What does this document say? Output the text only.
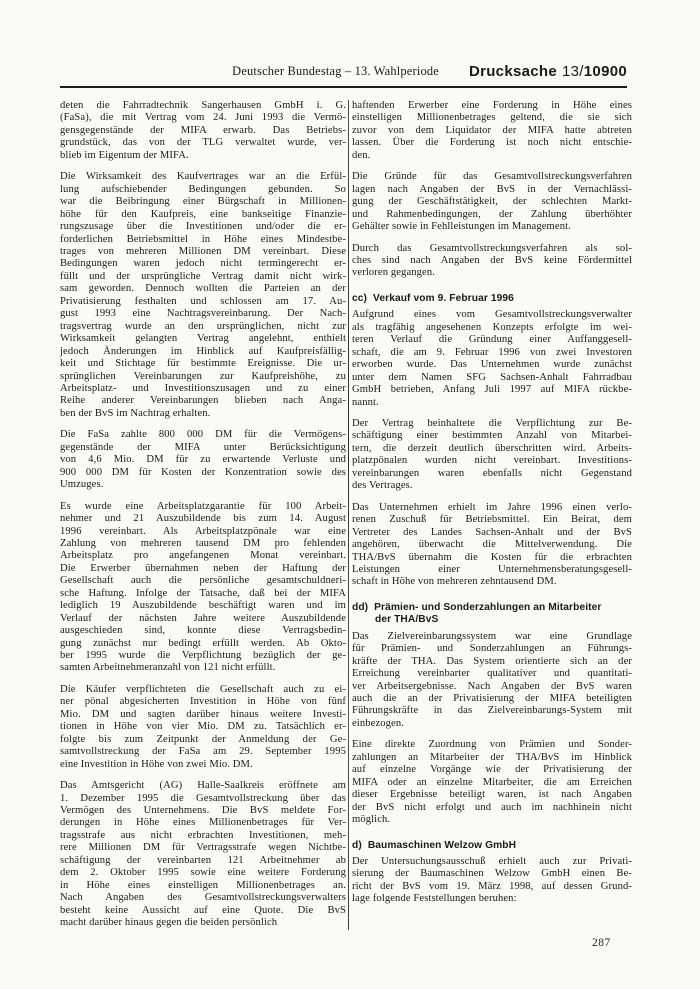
Deutscher Bundestag – 13. Wahlperiode Drucksache 13/10900
deten die Fahrradtechnik Sangerhausen GmbH i. G.
(FaSa), die mit Vertrag vom 24. Juni 1993 die Vermö-
gensgegenstände der MIFA erwarb. Das Betriebs-
grundstück, das von der TLG verwaltet wurde, ver-
blieb im Eigentum der MIFA.
Die Wirksamkeit des Kaufvertrages war an die Erfül-
lung aufschiebender Bedingungen gebunden. So
war die Beibringung einer Bürgschaft in Millionen-
höhe für den Kaufpreis, eine bankseitige Finanzie-
rungszusage über die Investitionen und/oder die er-
forderlichen Betriebsmittel in Höhe eines Mindestbe-
trages von mehreren Millionen DM vereinbart. Diese
Bedingungen waren jedoch nicht termingerecht er-
füllt und der ursprüngliche Vertrag damit nicht wirk-
sam geworden. Dennoch wollten die Parteien an der
Privatisierung festhalten und schlossen am 17. Au-
gust 1993 eine Nachtragsvereinbarung. Der Nach-
tragsvertrag wurde an den ursprünglichen, nicht zur
Wirksamkeit gelangten Vertrag angelehnt, enthielt
jedoch Änderungen im Hinblick auf Kaufpreisfällig-
keit und Stichtage für bestimmte Ereignisse. Die ur-
sprünglichen Vereinbarungen zur Kaufpreishöhe, zu
Arbeitsplatz- und Investitionszusagen und zu einer
Reihe anderer Vereinbarungen blieben nach Anga-
ben der BvS im Nachtrag erhalten.
Die FaSa zahlte 800 000 DM für die Vermögens-
gegenstände der MIFA unter Berücksichtigung
von 4,6 Mio. DM für zu erwartende Verluste und
900 000 DM für Kosten der Konzentration sowie des
Umzuges.
Es wurde eine Arbeitsplatzgarantie für 100 Arbeit-
nehmer und 21 Auszubildende bis zum 14. August
1996 vereinbart. Als Arbeitsplatzpönale war eine
Zahlung von mehreren tausend DM pro fehlenden
Arbeitsplatz pro angefangenen Monat vereinbart.
Die Erwerber übernahmen neben der Haftung der
Gesellschaft auch die persönliche gesamtschuldneri-
sche Haftung. Infolge der Tatsache, daß bei der MIFA
lediglich 19 Auszubildende beschäftigt waren und im
Verlauf der nächsten Jahre weitere Auszubildende
ausgeschieden sind, konnte diese Vertragsbedin-
gung zunächst nur bedingt erfüllt werden. Ab Okto-
ber 1995 wurde die Verpflichtung bezüglich der ge-
samten Arbeitnehmeranzahl von 121 nicht erfüllt.
Die Käufer verpflichteten die Gesellschaft auch zu ei-
ner pönal abgesicherten Investition in Höhe von fünf
Mio. DM und sagten darüber hinaus weitere Investi-
tionen in Höhe von vier Mio. DM zu. Tatsächlich er-
folgte bis zum Zeitpunkt der Anmeldung der Ge-
samtvollstreckung der FaSa am 29. September 1995
eine Investition in Höhe von zwei Mio. DM.
Das Amtsgericht (AG) Halle-Saalkreis eröffnete am
1. Dezember 1995 die Gesamtvollstreckung über das
Vermögen des Unternehmens. Die BvS meldete For-
derungen in Höhe eines Millionenbetrages für Ver-
tragsstrafe aus nicht erbrachten Investitionen, meh-
rere Millionen DM für Vertragsstrafe wegen Nichtbe-
schäftigung der vereinbarten 121 Arbeitnehmer ab
dem 2. Oktober 1995 sowie eine weitere Forderung
in Höhe eines einstelligen Millionenbetrages an.
Nach Angaben des Gesamtvollstreckungsverwalters
besteht keine Aussicht auf eine Quote. Die BvS
macht darüber hinaus gegen die beiden persönlich
haftenden Erwerber eine Forderung in Höhe eines
einstelligen Millionenbetrages geltend, die sie sich
zuvor von dem Liquidator der MIFA hatte abtreten
lassen. Über die Forderung ist noch nicht entschie-
den.
Die Gründe für das Gesamtvollstreckungsverfahren
lagen nach Angaben der BvS in der Vernachlässi-
gung der Geschäftstätigkeit, der schlechten Markt-
und Rahmenbedingungen, der Zahlung überhöhter
Gehälter sowie in Fehlleistungen im Management.
Durch das Gesamtvollstreckungsverfahren als sol-
ches sind nach Angaben der BvS keine Fördermittel
verloren gegangen.
cc) Verkauf vom 9. Februar 1996
Aufgrund eines vom Gesamtvollstreckungsverwalter
als tragfähig angesehenen Konzepts erfolgte im wei-
teren Verlauf die Gründung einer Auffanggesell-
schaft, die am 9. Februar 1996 von zwei Investoren
erworben wurde. Das Unternehmen wurde zunächst
unter dem Namen SFG Sachsen-Anhalt Fahrradbau
GmbH betrieben, Anfang Juli 1997 auf MIFA rückbe-
nannt.
Der Vertrag beinhaltete die Verpflichtung zur Be-
schäftigung einer bestimmten Anzahl von Mitarbei-
tern, die derzeit deutlich überschritten wird. Arbeits-
platzpönalen wurden nicht vereinbart. Investitions-
vereinbarungen waren ebenfalls nicht Gegenstand
des Vertrages.
Das Unternehmen erhielt im Jahre 1996 einen verlo-
renen Zuschuß für Betriebsmittel. Ein Beirat, dem
Vertreter des Landes Sachsen-Anhalt und der BvS
angehören, überwacht die Mittelverwendung. Die
THA/BvS übernahm die Kosten für die erbrachten
Leistungen einer Unternehmensberatungsgesell-
schaft in Höhe von mehreren zehntausend DM.
dd) Prämien- und Sonderzahlungen an Mitarbeiter
der THA/BvS
Das Zielvereinbarungssystem war eine Grundlage
für Prämien- und Sonderzahlungen an Führungs-
kräfte der THA. Das System orientierte sich an der
Erreichung vereinbarter qualitativer und quantitati-
ver Arbeitsergebnisse. Nach Angaben der BvS waren
auch die an der Privatisierung der MIFA beteiligten
Führungskräfte in das Zielvereinbarungs-System mit
einbezogen.
Eine direkte Zuordnung von Prämien und Sonder-
zahlungen an Mitarbeiter der THA/BvS im Hinblick
auf einzelne Vorgänge wie der Privatisierung der
MIFA oder an einzelne Mitarbeiter, die am Erreichen
dieser Ergebnisse beteiligt waren, ist nach Angaben
der BvS nicht erfolgt und auch im nachhinein nicht
möglich.
d) Baumaschinen Welzow GmbH
Der Untersuchungsausschuß erhielt auch zur Privati-
sierung der Baumaschinen Welzow GmbH einen Be-
richt der BvS vom 19. März 1998, auf dessen Grund-
lage folgende Feststellungen beruhen:
287
